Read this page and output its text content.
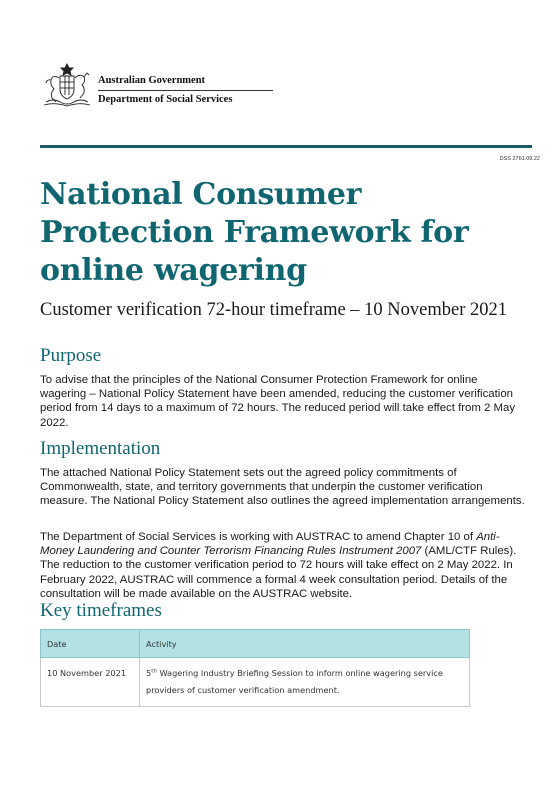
Australian Government
Department of Social Services
DSS 2761.09.22
National Consumer Protection Framework for online wagering

Customer verification 72-hour timeframe – 10 November 2021

Purpose

To advise that the principles of the National Consumer Protection Framework for online wagering – National Policy Statement have been amended, reducing the customer verification period from 14 days to a maximum of 72 hours. The reduced period will take effect from 2 May 2022.

Implementation

The attached National Policy Statement sets out the agreed policy commitments of Commonwealth, state, and territory governments that underpin the customer verification measure. The National Policy Statement also outlines the agreed implementation arrangements.

The Department of Social Services is working with AUSTRAC to amend Chapter 10 of Anti-Money Laundering and Counter Terrorism Financing Rules Instrument 2007 (AML/CTF Rules). The reduction to the customer verification period to 72 hours will take effect on 2 May 2022. In February 2022, AUSTRAC will commence a formal 4 week consultation period. Details of the consultation will be made available on the AUSTRAC website.

Key timeframes
Date	Activity
10 November 2021	5th Wagering Industry Briefing Session to inform online wagering service providers of customer verification amendment.
